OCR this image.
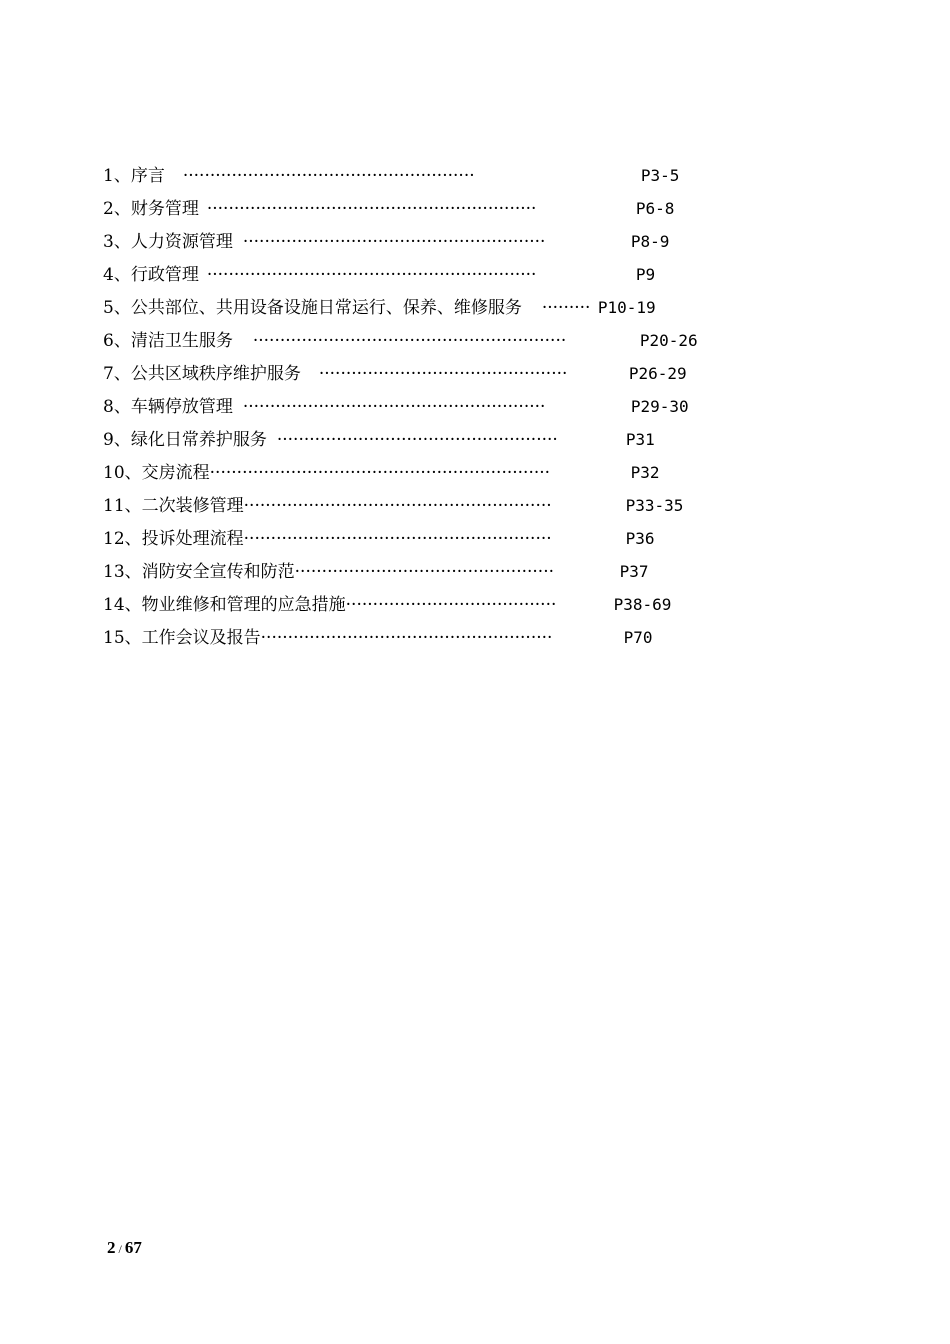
1、序言 ······················································	P3-5
2、财务管理 ·····························································	P6-8
3、人力资源管理 ························································	P8-9
4、行政管理 ·····························································	P9
5、公共部位、共用设备设施日常运行、保养、维修服务 ········· P10-19
6、清洁卫生服务 ··························································	P20-26
7、公共区域秩序维护服务 ··············································	P26-29
8、车辆停放管理 ························································	P29-30
9、绿化日常养护服务 ····················································	P31
10、交房流程 ·······························································	P32
11、二次装修管理 ·························································	P33-35
12、投诉处理流程 ·························································	P36
13、消防安全宣传和防范 ················································	P37
14、物业维修和管理的应急措施 ·······································	P38-69
15、工作会议及报告 ······················································	P70
2 / 67
